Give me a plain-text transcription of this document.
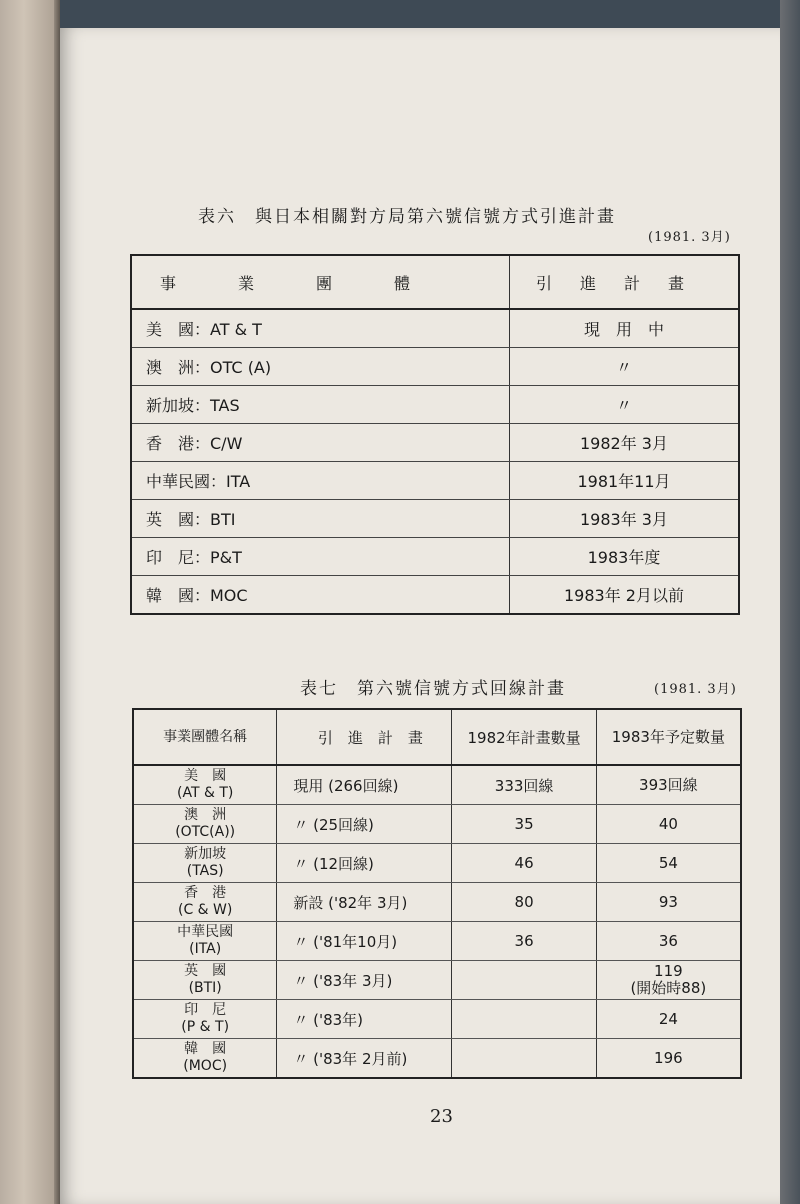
表六　與日本相關對方局第六號信號方式引進計畫
(1981. 3月)
事業團體	引進計畫
美　國：AT & T	現　用　中
澳　洲：OTC (A)	〃
新加坡：TAS	〃
香　港：C/W	1982年 3月
中華民國：ITA	1981年11月
英　國：BTI	1983年 3月
印　尼：P&T	1983年度
韓　國：MOC	1983年 2月以前
表七　第六號信號方式回線計畫	(1981. 3月)
事業團體名稱	引　進　計　畫	1982年計畫數量	1983年予定數量

美　國
(AT & T)	現用 (266回線)	333回線	393回線

澳　洲
(OTC(A))	〃 (25回線)	35	40

新加坡
(TAS)	〃 (12回線)	46	54

香　港
(C & W)	新設 ('82年 3月)	80	93

中華民國
(ITA)	〃 ('81年10月)	36	36

英　國
(BTI)	〃 ('83年 3月)		119
(開始時88)

印　尼
(P & T)	〃 ('83年)		24

韓　國
(MOC)	〃 ('83年 2月前)		196
23
